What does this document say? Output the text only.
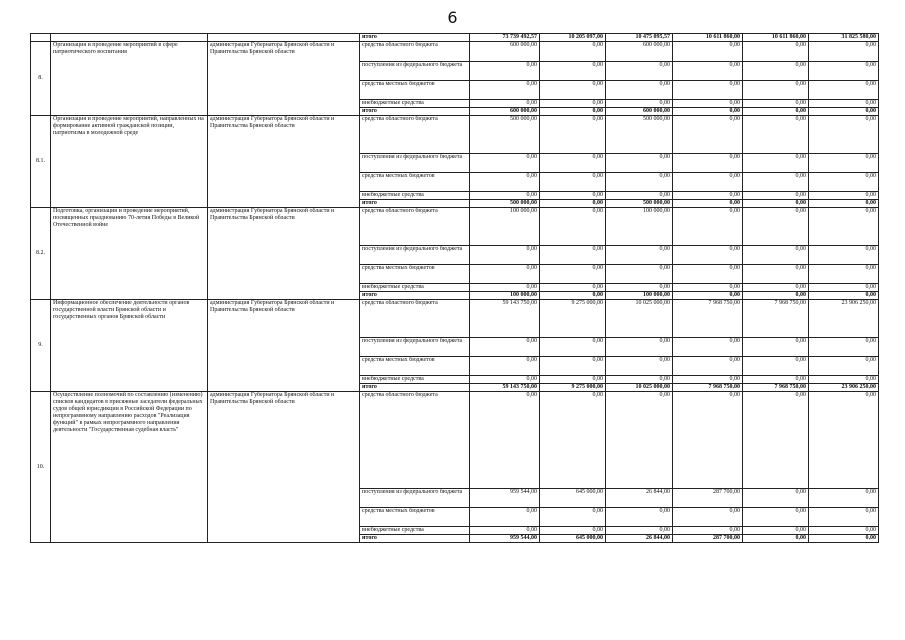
6
			итого	73 739 492,57	10 205 097,00	10 475 095,57	10 611 860,00	10 611 860,00	31 825 580,00
8.	Организация и проведение мероприятий в сфере патриотического воспитания	администрация Губернатора Брянской области и Правительства Брянской области	средства областного бюджета	600 000,00	0,00	600 000,00	0,00	0,00	0,00
			поступления из федерального бюджета	0,00	0,00	0,00	0,00	0,00	0,00
			средства местных бюджетов	0,00	0,00	0,00	0,00	0,00	0,00
			внебюджетные средства	0,00	0,00	0,00	0,00	0,00	0,00
			итого	600 000,00	0,00	600 000,00	0,00	0,00	0,00
8.1.	Организация и проведение мероприятий, направленных на формирование активной гражданской позиции, патриотизма в молодежной среде	администрация Губернатора Брянской области и Правительства Брянской области	средства областного бюджета	500 000,00	0,00	500 000,00	0,00	0,00	0,00
			поступления из федерального бюджета	0,00	0,00	0,00	0,00	0,00	0,00
			средства местных бюджетов	0,00	0,00	0,00	0,00	0,00	0,00
			внебюджетные средства	0,00	0,00	0,00	0,00	0,00	0,00
			итого	500 000,00	0,00	500 000,00	0,00	0,00	0,00
8.2.	Подготовка, организация и проведение мероприятий, посвященных празднованию 70-летия Победы в Великой Отечественной войне	администрация Губернатора Брянской области и Правительства Брянской области	средства областного бюджета	100 000,00	0,00	100 000,00	0,00	0,00	0,00
			поступления из федерального бюджета	0,00	0,00	0,00	0,00	0,00	0,00
			средства местных бюджетов	0,00	0,00	0,00	0,00	0,00	0,00
			внебюджетные средства	0,00	0,00	0,00	0,00	0,00	0,00
			итого	100 000,00	0,00	100 000,00	0,00	0,00	0,00
9.	Информационное обеспечение деятельности органов государственной власти Брянской области и государственных органов Брянской области	администрация Губернатора Брянской области и Правительства Брянской области	средства областного бюджета	59 143 750,00	9 275 000,00	10 025 000,00	7 968 750,00	7 968 750,00	23 906 250,00
			поступления из федерального бюджета	0,00	0,00	0,00	0,00	0,00	0,00
			средства местных бюджетов	0,00	0,00	0,00	0,00	0,00	0,00
			внебюджетные средства	0,00	0,00	0,00	0,00	0,00	0,00
			итого	59 143 750,00	9 275 000,00	10 025 000,00	7 968 750,00	7 968 750,00	23 906 250,00
10.	Осуществление полномочий по составлению (изменению) списков кандидатов в присяжные заседатели федеральных судов общей юрисдикции в Российской Федерации по непрограммному направлению расходов "Реализация функций" в рамках непрограммного направления деятельности "Государственная судебная власть"	администрация Губернатора Брянской области и Правительства Брянской области	средства областного бюджета	0,00	0,00	0,00	0,00	0,00	0,00
			поступления из федерального бюджета	959 544,00	645 000,00	26 844,00	287 700,00	0,00	0,00
			средства местных бюджетов	0,00	0,00	0,00	0,00	0,00	0,00
			внебюджетные средства	0,00	0,00	0,00	0,00	0,00	0,00
			итого	959 544,00	645 000,00	26 844,00	287 700,00	0,00	0,00
